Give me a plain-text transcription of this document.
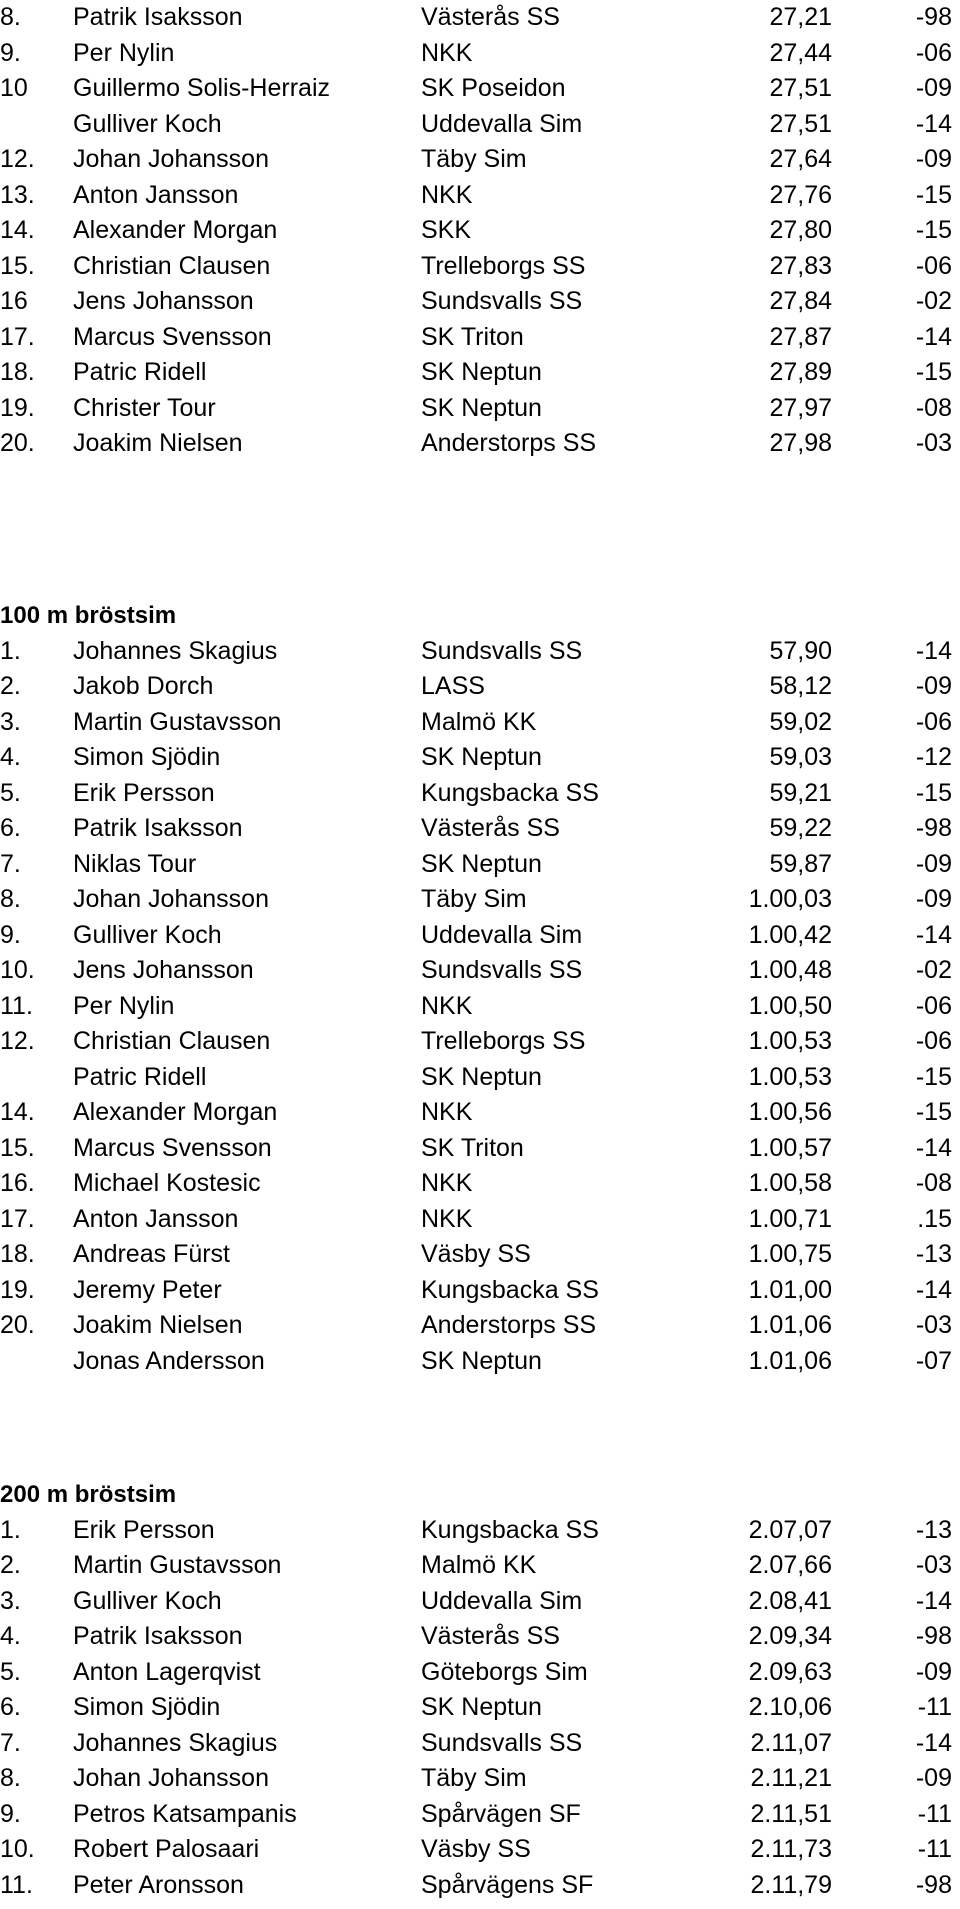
8. Patrik Isaksson	Västerås SS	27,21	-98
9. Per Nylin	NKK	27,44	-06
10 Guillermo Solis-Herraiz	SK Poseidon	27,51	-09
Gulliver Koch	Uddevalla Sim	27,51	-14
12. Johan Johansson	Täby Sim	27,64	-09
13. Anton Jansson	NKK	27,76	-15
14. Alexander Morgan	SKK	27,80	-15
15. Christian Clausen	Trelleborgs SS	27,83	-06
16 Jens Johansson	Sundsvalls SS	27,84	-02
17. Marcus Svensson	SK Triton	27,87	-14
18. Patric Ridell	SK Neptun	27,89	-15
19. Christer Tour	SK Neptun	27,97	-08
20. Joakim Nielsen	Anderstorps SS	27,98	-03
100 m bröstsim
1. Johannes Skagius	Sundsvalls SS	57,90	-14
2. Jakob Dorch	LASS	58,12	-09
3. Martin Gustavsson	Malmö KK	59,02	-06
4. Simon Sjödin	SK Neptun	59,03	-12
5. Erik Persson	Kungsbacka SS	59,21	-15
6. Patrik Isaksson	Västerås SS	59,22	-98
7. Niklas Tour	SK Neptun	59,87	-09
8. Johan Johansson	Täby Sim	1.00,03	-09
9. Gulliver Koch	Uddevalla Sim	1.00,42	-14
10. Jens Johansson	Sundsvalls SS	1.00,48	-02
11. Per Nylin	NKK	1.00,50	-06
12. Christian Clausen	Trelleborgs SS	1.00,53	-06
Patric Ridell	SK Neptun	1.00,53	-15
14. Alexander Morgan	NKK	1.00,56	-15
15. Marcus Svensson	SK Triton	1.00,57	-14
16. Michael Kostesic	NKK	1.00,58	-08
17. Anton Jansson	NKK	1.00,71	.15
18. Andreas Fürst	Väsby SS	1.00,75	-13
19. Jeremy Peter	Kungsbacka SS	1.01,00	-14
20. Joakim Nielsen	Anderstorps SS	1.01,06	-03
Jonas Andersson	SK Neptun	1.01,06	-07
200 m bröstsim
1. Erik Persson	Kungsbacka SS	2.07,07	-13
2. Martin Gustavsson	Malmö KK	2.07,66	-03
3. Gulliver Koch	Uddevalla Sim	2.08,41	-14
4. Patrik Isaksson	Västerås SS	2.09,34	-98
5. Anton Lagerqvist	Göteborgs Sim	2.09,63	-09
6. Simon Sjödin	SK Neptun	2.10,06	-11
7. Johannes Skagius	Sundsvalls SS	2.11,07	-14
8. Johan Johansson	Täby Sim	2.11,21	-09
9. Petros Katsampanis	Spårvägen SF	2.11,51	-11
10. Robert Palosaari	Väsby SS	2.11,73	-11
11. Peter Aronsson	Spårvägens SF	2.11,79	-98
